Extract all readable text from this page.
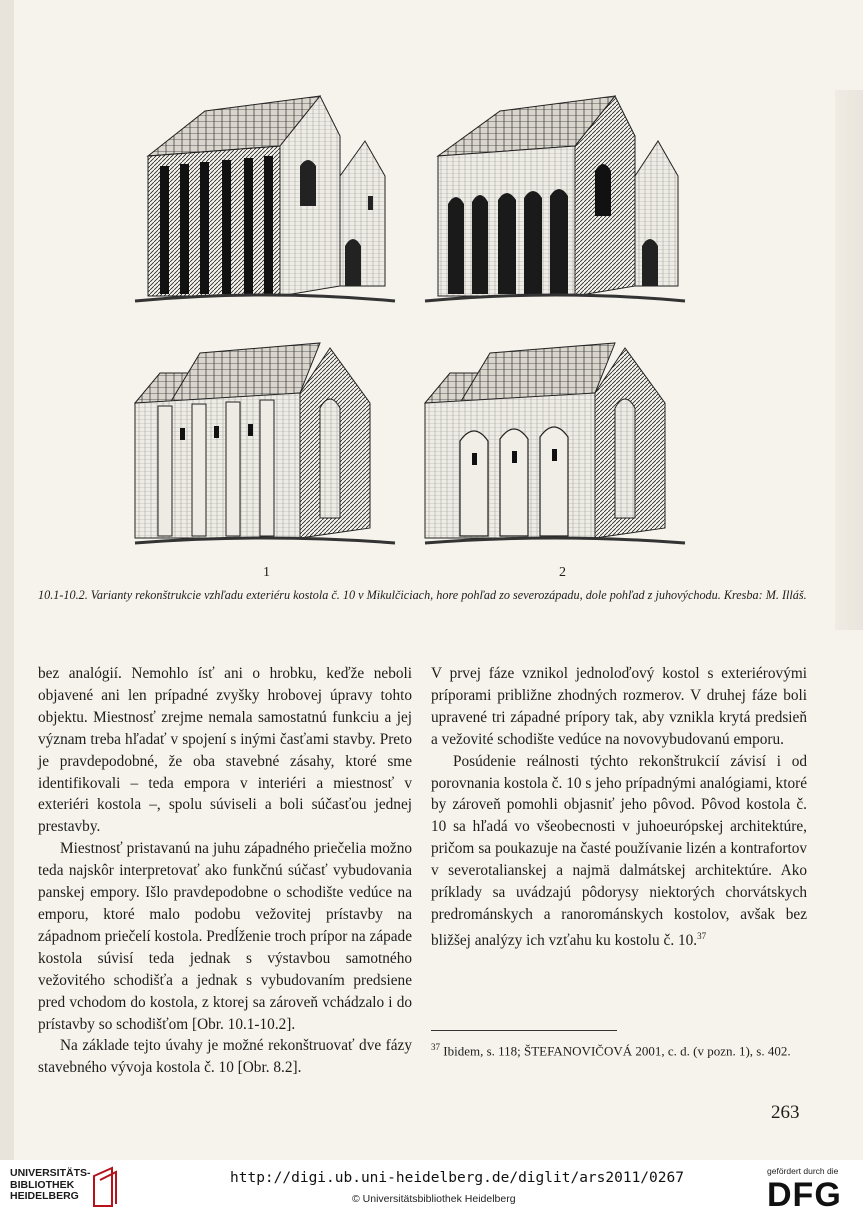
1	2
10.1-10.2. Varianty rekonštrukcie vzhľadu exteriéru kostola č. 10 v Mikulčiciach, hore pohľad zo severozápadu, dole pohľad z juhovýchodu. Kresba: M. Illáš.

bez analógií. Nemohlo ísť ani o hrobku, keďže neboli objavené ani len prípadné zvyšky hrobovej úpravy tohto objektu. Miestnosť zrejme nemala samostatnú funkciu a jej význam treba hľadať v spojení s inými časťami stavby. Preto je pravdepodobné, že oba stavebné zásahy, ktoré sme identifikovali – teda empora v interiéri a miestnosť v exteriéri kostola –, spolu súviseli a boli súčasťou jednej prestavby.

Miestnosť pristavanú na juhu západného priečelia možno teda najskôr interpretovať ako funkčnú súčasť vybudovania panskej empory. Išlo pravdepodobne o schodište vedúce na emporu, ktoré malo podobu vežovitej prístavby na západnom priečelí kostola. Predĺženie troch prípor na západe kostola súvisí teda jednak s výstavbou samotného vežovitého schodišťa a jednak s vybudovaním predsiene pred vchodom do kostola, z ktorej sa zároveň vchádzalo i do prístavby so schodišťom [Obr. 10.1-10.2].

Na základe tejto úvahy je možné rekonštruovať dve fázy stavebného vývoja kostola č. 10 [Obr. 8.2].

V prvej fáze vznikol jednoloďový kostol s exteriérovými príporami približne zhodných rozmerov. V druhej fáze boli upravené tri západné prípory tak, aby vznikla krytá predsieň a vežovité schodište vedúce na novovybudovanú emporu.

Posúdenie reálnosti týchto rekonštrukcií závisí i od porovnania kostola č. 10 s jeho prípadnými analógiami, ktoré by zároveň pomohli objasniť jeho pôvod. Pôvod kostola č. 10 sa hľadá vo všeobecnosti v juhoeurópskej architektúre, pričom sa poukazuje na časté používanie lizén a kontrafortov v severotalianskej a najmä dalmátskej architektúre. Ako príklady sa uvádzajú pôdorysy niektorých chorvátskych predrománskych a ranorománskych kostolov, avšak bez bližšej analýzy ich vzťahu ku kostolu č. 10.37

$^{37}$ Ibidem, s. 118; ŠTEFANOVIČOVÁ 2001, c. d. (v pozn. 1), s. 402.
263
UNIVERSITÄTS-
BIBLIOTHEK
HEIDELBERG
http://digi.ub.uni-heidelberg.de/diglit/ars2011/0267
© Universitätsbibliothek Heidelberg
gefördert durch die
DFG
